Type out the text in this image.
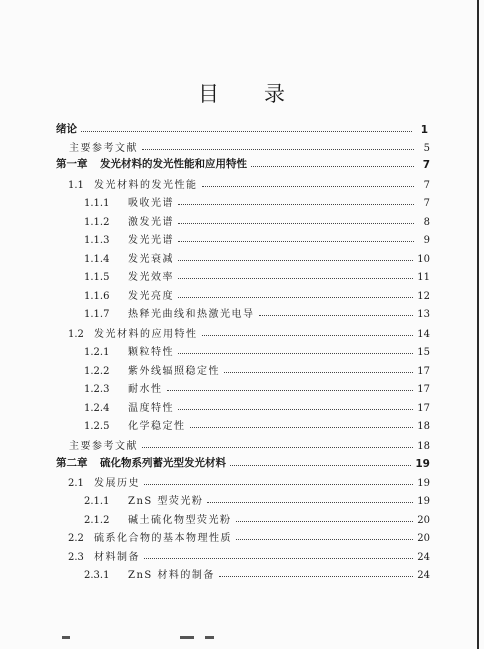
目 录
绪论	1
主要参考文献	5
第一章 发光材料的发光性能和应用特性	7
1.1	发光材料的发光性能	7
1.1.1	吸收光谱	7
1.1.2	激发光谱	8
1.1.3	发光光谱	9
1.1.4	发光衰减	10
1.1.5	发光效率	11
1.1.6	发光亮度	12
1.1.7	热释光曲线和热激光电导	13
1.2	发光材料的应用特性	14
1.2.1	颗粒特性	15
1.2.2	紫外线辐照稳定性	17
1.2.3	耐水性	17
1.2.4	温度特性	17
1.2.5	化学稳定性	18
主要参考文献	18
第二章 硫化物系列蓄光型发光材料	19
2.1	发展历史	19
2.1.1	ZnS 型荧光粉	19
2.1.2	碱土硫化物型荧光粉	20
2.2	硫系化合物的基本物理性质	20
2.3	材料制备	24
2.3.1	ZnS 材料的制备	24
